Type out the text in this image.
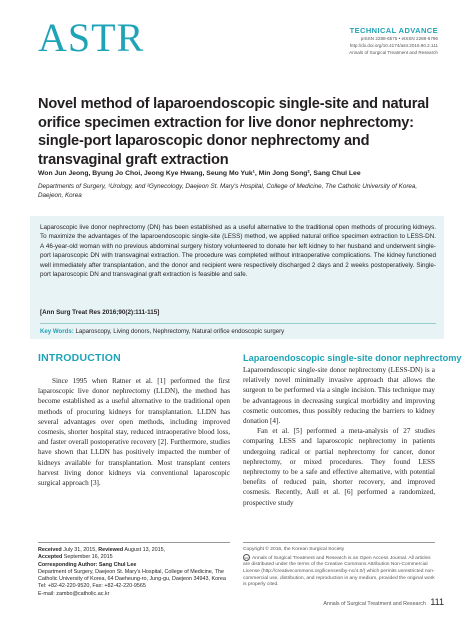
ASTR	TECHNICAL ADVANCE
pISSN 2288-6575 • eISSN 2288-6796
http://dx.doi.org/10.4174/astr.2016.90.2.111
Annals of Surgical Treatment and Research
Novel method of laparoendoscopic single-site and natural orifice specimen extraction for live donor nephrectomy: single-port laparoscopic donor nephrectomy and transvaginal graft extraction
Won Jun Jeong, Byung Jo Choi, Jeong Kye Hwang, Seung Mo Yuk¹, Min Jong Song², Sang Chul Lee
Departments of Surgery, ¹Urology, and ²Gynecology, Daejeon St. Mary's Hospital, College of Medicine, The Catholic University of Korea, Daejeon, Korea
Laparoscopic live donor nephrectomy (DN) has been established as a useful alternative to the traditional open methods of procuring kidneys. To maximize the advantages of the laparoendoscopic single-site (LESS) method, we applied natural orifice specimen extraction to LESS-DN. A 46-year-old woman with no previous abdominal surgery history volunteered to donate her left kidney to her husband and underwent single-port laparoscopic DN with transvaginal extraction. The procedure was completed without intraoperative complications. The kidney functioned well immediately after transplantation, and the donor and recipient were respectively discharged 2 days and 2 weeks postoperatively. Single-port laparoscopic DN and transvaginal graft extraction is feasible and safe.
[Ann Surg Treat Res 2016;90(2):111-115]
Key Words: Laparoscopy, Living donors, Nephrectomy, Natural orifice endoscopic surgery
INTRODUCTION
Since 1995 when Ratner et al. [1] performed the first laparoscopic live donor nephrectomy (LLDN), the method has become established as a useful alternative to the traditional open methods of procuring kidneys for transplantation. LLDN has several advantages over open methods, including improved cosmesis, shorter hospital stay, reduced intraoperative blood loss, and faster overall postoperative recovery [2]. Furthermore, studies have shown that LLDN has positively impacted the number of kidneys available for transplantation. Most transplant centers harvest living donor kidneys via conventional laparoscopic surgical approach [3].
Laparoendoscopic single-site donor nephrectomy

Laparoendoscopic single-site donor nephrectomy (LESS-DN) is a relatively novel minimally invasive approach that allows the surgeon to be performed via a single incision. This technique may be advantageous in decreasing surgical morbidity and improving cosmetic outcomes, thus possibly reducing the barriers to kidney donation [4].

Fan et al. [5] performed a meta-analysis of 27 studies comparing LESS and laparoscopic nephrectomy in patients undergoing radical or partial nephrectomy for cancer, donor nephrectomy, or mixed procedures. They found LESS nephrectomy to be a safe and effective alternative, with potential benefits of reduced pain, shorter recovery, and improved cosmesis. Recently, Aull et al. [6] performed a randomized, prospective study

Received July 31, 2015, Reviewed August 13, 2015,
Accepted September 16, 2015
Corresponding Author: Sang Chul Lee
Department of Surgery, Daejeon St. Mary's Hospital, College of Medicine, The Catholic University of Korea, 64 Daeheung-ro, Jung-gu, Daejeon 34943, Korea
Tel: +82-42-220-9520, Fax: +82-42-220-9565
E-mail: zambo@catholic.ac.kr
Copyright © 2016, the Korean Surgical Society
cc Annals of Surgical Treatment and Research is an Open Access Journal. All articles are distributed under the terms of the Creative Commons Attribution Non-Commercial License (http://creativecommons.org/licenses/by-nc/4.0/) which permits unrestricted non-commercial use, distribution, and reproduction in any medium, provided the original work is properly cited.
Annals of Surgical Treatment and Research 111
